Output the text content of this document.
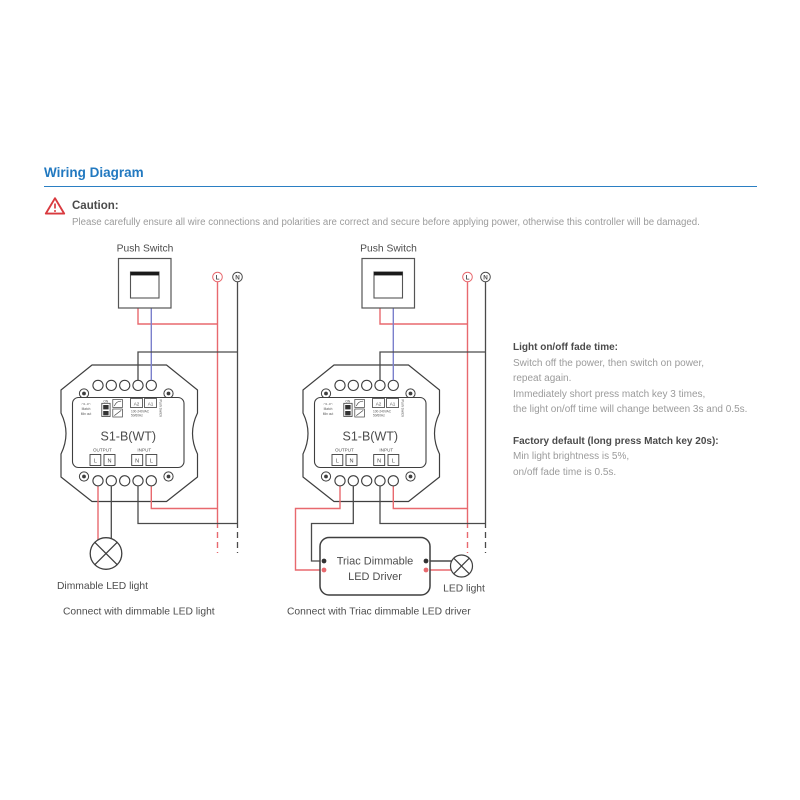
Wiring Diagram
Caution:
Please carefully ensure all wire connections and polarities are correct and secure before applying power, otherwise this controller will be damaged.
⌐o..o¬
Match
Min out
ON	A2 A1
100-240VAC
50/60Hz	Push Switch
S1-B(WT)
OUTPUT	INPUT
L N	N L
Push Switch
L	N
Dimmable LED light
Connect with dimmable LED light
Push Switch
L N
Triac Dimmable
LED Driver
LED light
Connect with Triac dimmable LED driver
Light on/off fade time:
Switch off the power, then switch on power,
repeat again.
Immediately short press match key 3 times,
the light on/off time will change between 3s and 0.5s.
Factory default (long press Match key 20s):
Min light brightness is 5%,
on/off fade time is 0.5s.
